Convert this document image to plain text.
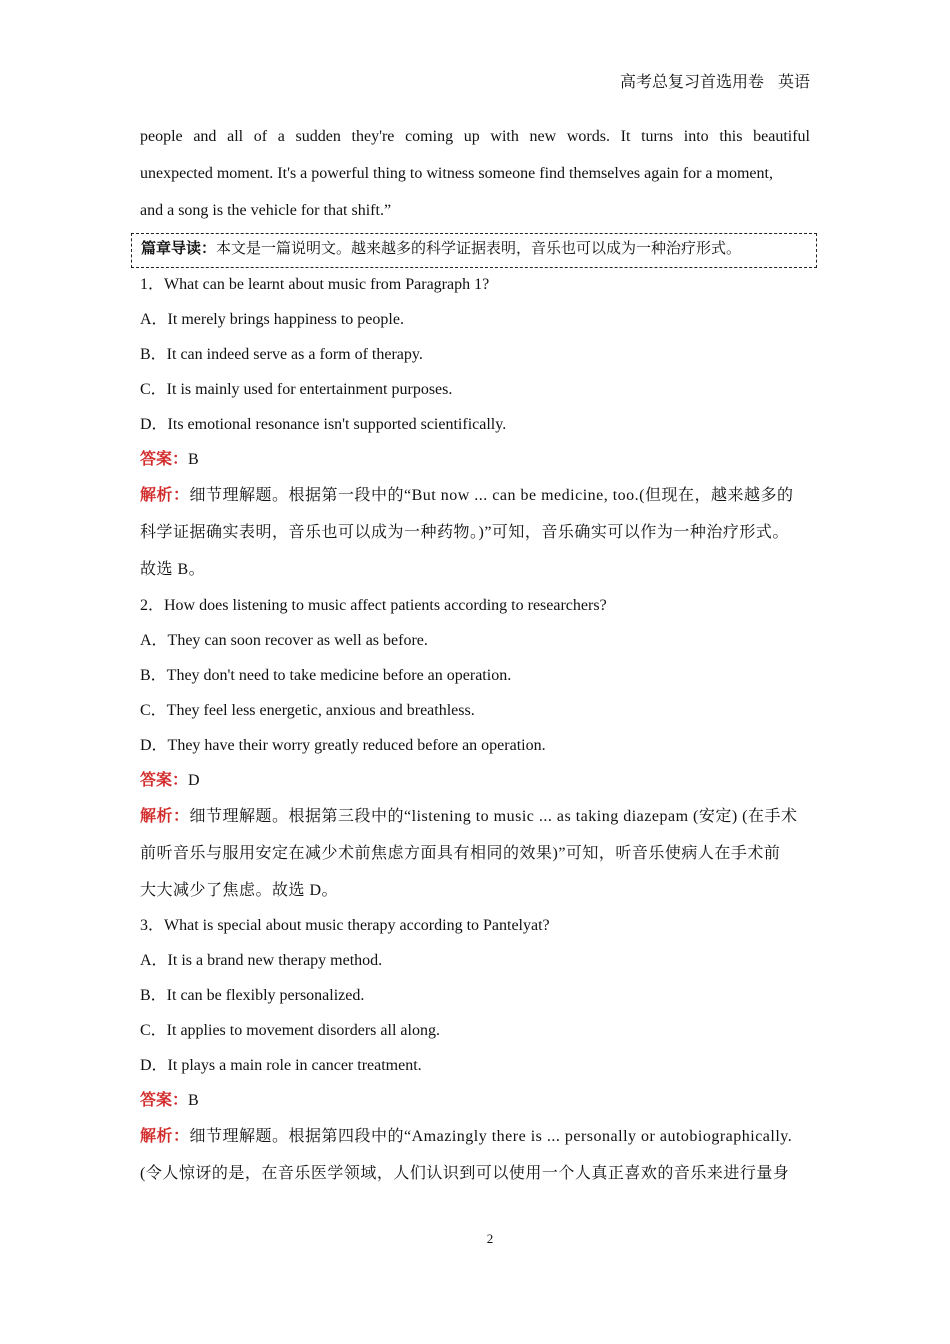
高考总复习首选用卷 英语
people and all of a sudden they're coming up with new words. It turns into this beautiful
unexpected moment. It's a powerful thing to witness someone find themselves again for a moment,
and a song is the vehicle for that shift.”
篇章导读：本文是一篇说明文。越来越多的科学证据表明，音乐也可以成为一种治疗形式。
1．What can be learnt about music from Paragraph 1?
A．It merely brings happiness to people.
B．It can indeed serve as a form of therapy.
C．It is mainly used for entertainment purposes.
D．Its emotional resonance isn't supported scientifically.
答案：B
解析：细节理解题。根据第一段中的“But now ... can be medicine, too.(但现在，越来越多的
科学证据确实表明，音乐也可以成为一种药物。)”可知，音乐确实可以作为一种治疗形式。
故选 B。
2．How does listening to music affect patients according to researchers?
A．They can soon recover as well as before.
B．They don't need to take medicine before an operation.
C．They feel less energetic, anxious and breathless.
D．They have their worry greatly reduced before an operation.
答案：D
解析：细节理解题。根据第三段中的“listening to music ... as taking diazepam (安定) (在手术
前听音乐与服用安定在减少术前焦虑方面具有相同的效果)”可知，听音乐使病人在手术前
大大减少了焦虑。故选 D。
3．What is special about music therapy according to Pantelyat?
A．It is a brand new therapy method.
B．It can be flexibly personalized.
C．It applies to movement disorders all along.
D．It plays a main role in cancer treatment.
答案：B
解析：细节理解题。根据第四段中的“Amazingly there is ... personally or autobiographically.
(令人惊讶的是，在音乐医学领域，人们认识到可以使用一个人真正喜欢的音乐来进行量身
2
